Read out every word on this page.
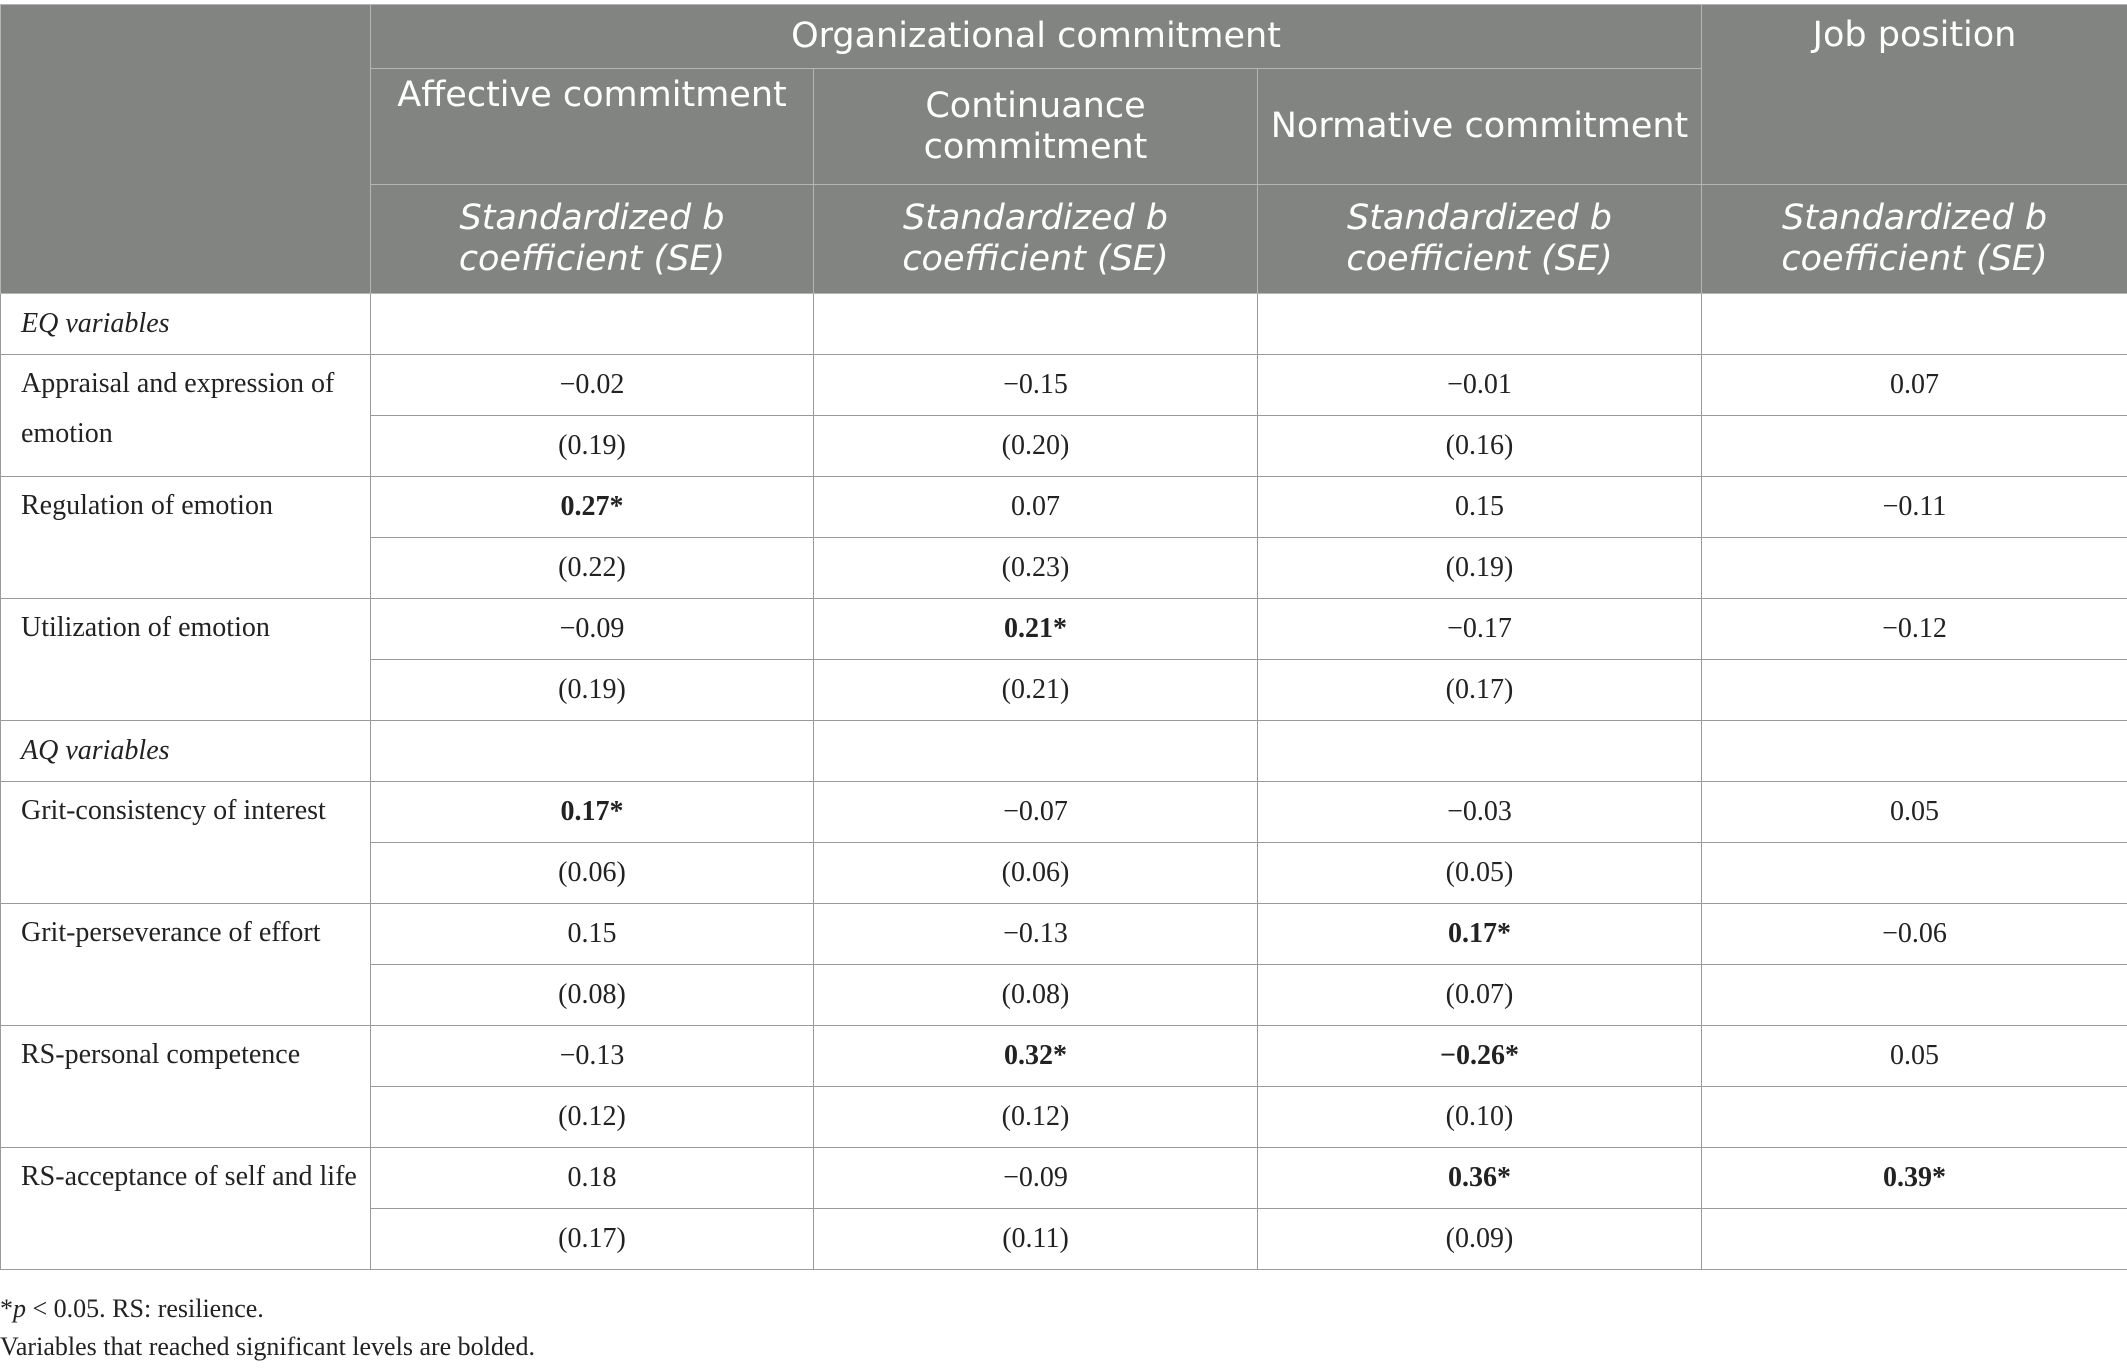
	Organizational commitment			Job position
	Affective commitment	Continuance commitment	Normative commitment	
	Standardized b coefficient (SE)	Standardized b coefficient (SE)	Standardized b coefficient (SE)	Standardized b coefficient (SE)
EQ variables				
Appraisal and expression of emotion	−0.02	−0.15	−0.01	0.07
	(0.19)	(0.20)	(0.16)	
Regulation of emotion	0.27*	0.07	0.15	−0.11
	(0.22)	(0.23)	(0.19)	
Utilization of emotion	−0.09	0.21*	−0.17	−0.12
	(0.19)	(0.21)	(0.17)	
AQ variables				
Grit-consistency of interest	0.17*	−0.07	−0.03	0.05
	(0.06)	(0.06)	(0.05)	
Grit-perseverance of effort	0.15	−0.13	0.17*	−0.06
	(0.08)	(0.08)	(0.07)	
RS-personal competence	−0.13	0.32*	−0.26*	0.05
	(0.12)	(0.12)	(0.10)	
RS-acceptance of self and life	0.18	−0.09	0.36*	0.39*
	(0.17)	(0.11)	(0.09)	
*p < 0.05. RS: resilience.
Variables that reached significant levels are bolded.
